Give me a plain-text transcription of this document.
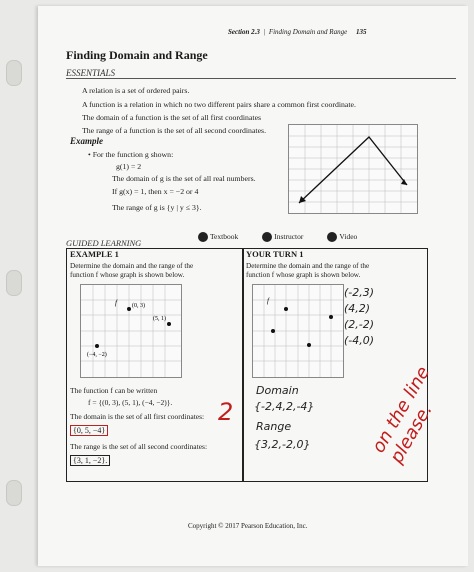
Section 2.3  |  Finding Domain and Range 135
Finding Domain and Range
ESSENTIALS
A relation is a set of ordered pairs.
A function is a relation in which no two different pairs share a common first coordinate.
The domain of a function is the set of all first coordinates
The range of a function is the set of all second coordinates.
Example
• For the function g shown:
g(1) = 2
The domain of g is the set of all real numbers.
If g(x) = 1, then x = −2 or 4
The range of g is {y | y ≤ 3}.
Textbook	Instructor	Video
GUIDED LEARNING
EXAMPLE 1	YOUR TURN 1
Determine the domain and the range of the
function f whose graph is shown below.
Determine the domain and the range of the
function f whose graph is shown below.
f	(0, 3)
(5, 1)
(−4, −2)
f
(-2,3)
(4,2)
(2,-2)
(-4,0)
Domain
{-2,4,2,-4}
Range
{3,2,-2,0}
The function f can be written
f = {(0, 3), (5, 1), (−4, −2)}.
The domain is the set of all first coordinates:
{0, 5, −4}
The range is the set of all second coordinates:
{3, 1, −2}.
2	on the line please.
Copyright © 2017 Pearson Education, Inc.
